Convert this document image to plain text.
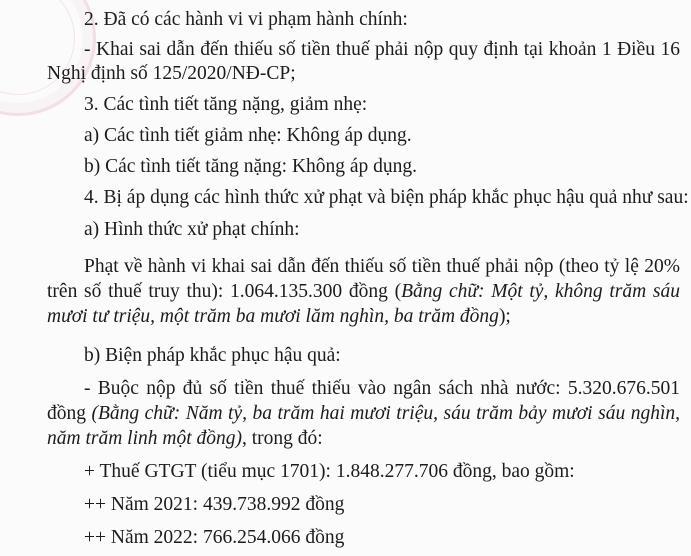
2. Đã có các hành vi vi phạm hành chính:
- Khai sai dẫn đến thiếu số tiền thuế phải nộp quy định tại khoản 1 Điều 16
Nghị định số 125/2020/NĐ-CP;
3. Các tình tiết tăng nặng, giảm nhẹ:
a) Các tình tiết giảm nhẹ: Không áp dụng.
b) Các tình tiết tăng nặng: Không áp dụng.
4. Bị áp dụng các hình thức xử phạt và biện pháp khắc phục hậu quả như sau:
a) Hình thức xử phạt chính:
Phạt về hành vi khai sai dẫn đến thiếu số tiền thuế phải nộp (theo tỷ lệ 20%
trên số thuế truy thu): 1.064.135.300 đồng (Bằng chữ: Một tỷ, không trăm sáu
mươi tư triệu, một trăm ba mươi lăm nghìn, ba trăm đồng);
b) Biện pháp khắc phục hậu quả:
- Buộc nộp đủ số tiền thuế thiếu vào ngân sách nhà nước: 5.320.676.501
đồng (Bằng chữ: Năm tỷ, ba trăm hai mươi triệu, sáu trăm bảy mươi sáu nghìn,
năm trăm linh một đồng), trong đó:
+ Thuế GTGT (tiểu mục 1701): 1.848.277.706 đồng, bao gồm:
++ Năm 2021: 439.738.992 đồng
++ Năm 2022: 766.254.066 đồng
